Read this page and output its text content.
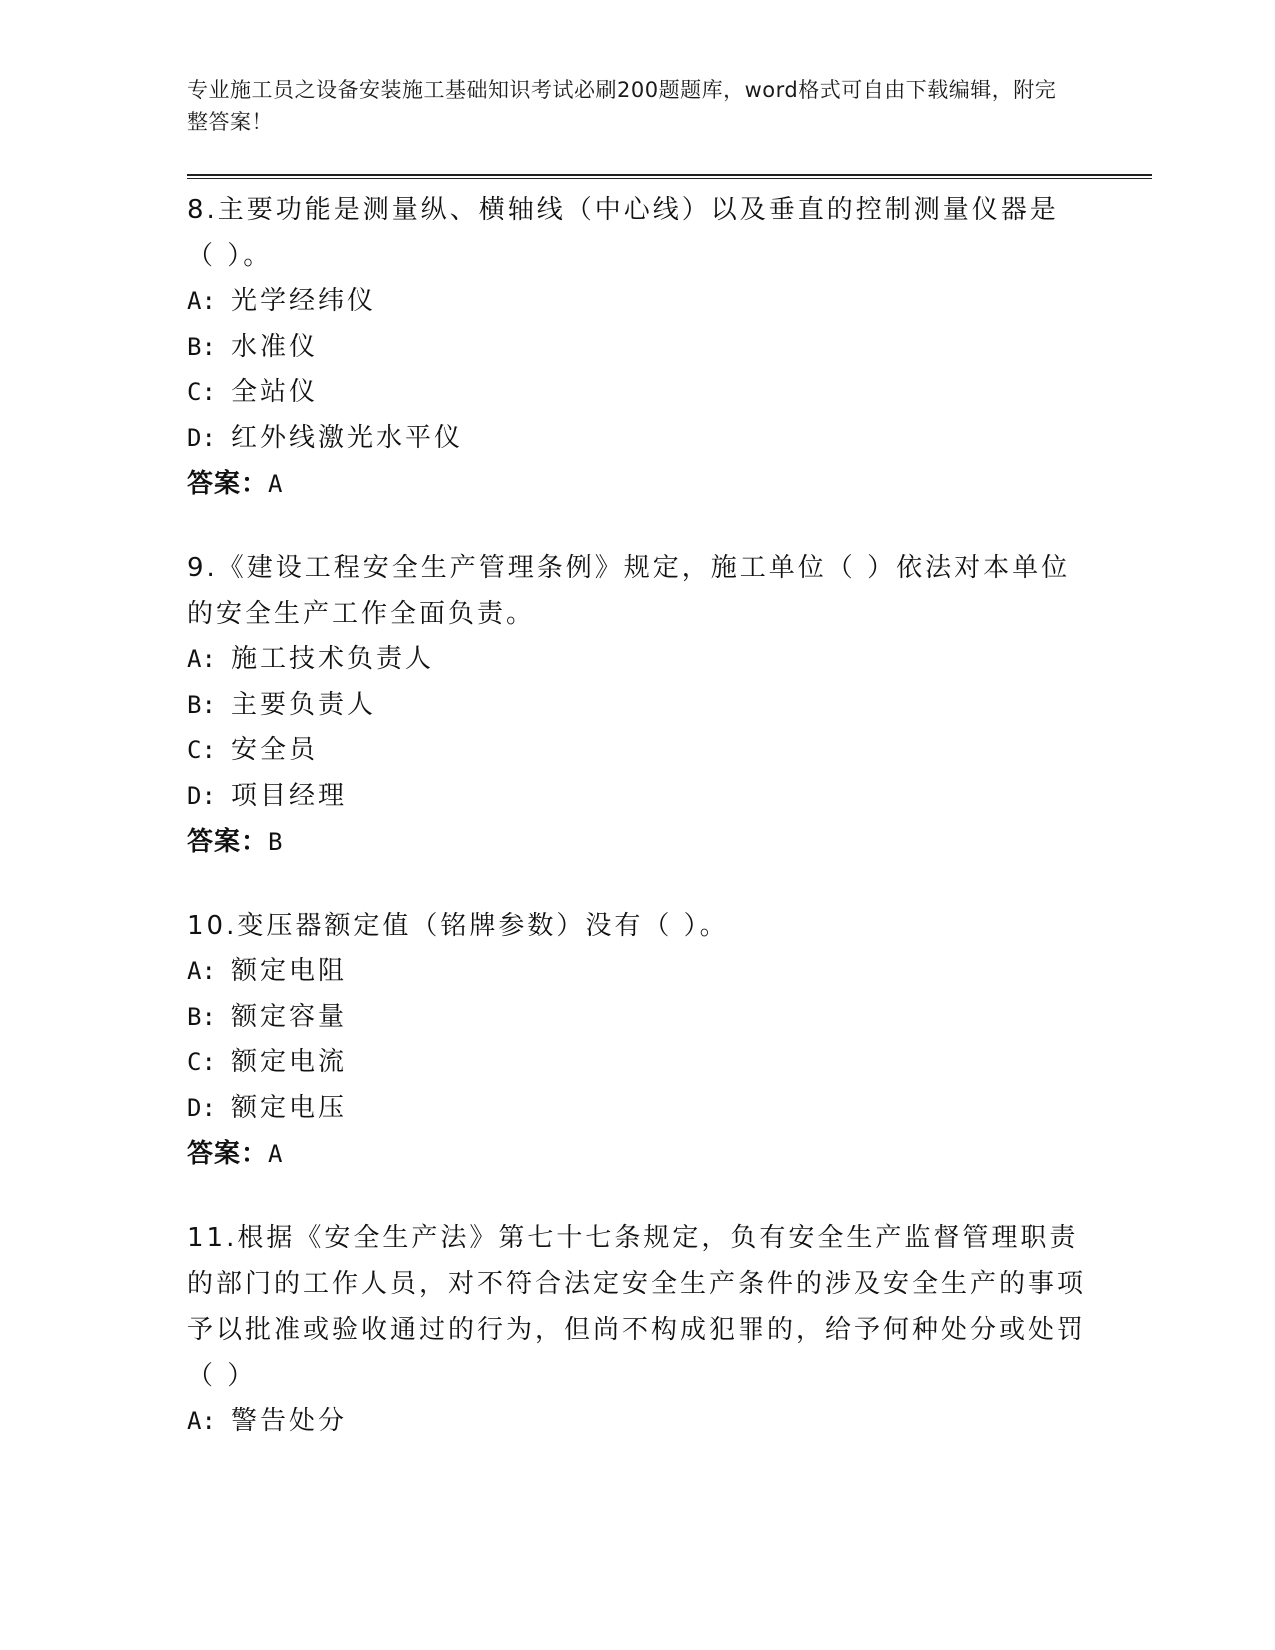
专业施工员之设备安装施工基础知识考试必刷200题题库，word格式可自由下载编辑，附完整答案！

8.主要功能是测量纵、横轴线（中心线）以及垂直的控制测量仪器是（ ）。

A: 光学经纬仪

B: 水准仪

C: 全站仪

D: 红外线激光水平仪

答案：A

9.《建设工程安全生产管理条例》规定，施工单位（ ）依法对本单位的安全生产工作全面负责。

A: 施工技术负责人

B: 主要负责人

C: 安全员

D: 项目经理

答案：B

10.变压器额定值（铭牌参数）没有（ ）。

A: 额定电阻

B: 额定容量

C: 额定电流

D: 额定电压

答案：A

11.根据《安全生产法》第七十七条规定，负有安全生产监督管理职责的部门的工作人员，对不符合法定安全生产条件的涉及安全生产的事项予以批准或验收通过的行为，但尚不构成犯罪的，给予何种处分或处罚（ ）

A: 警告处分
